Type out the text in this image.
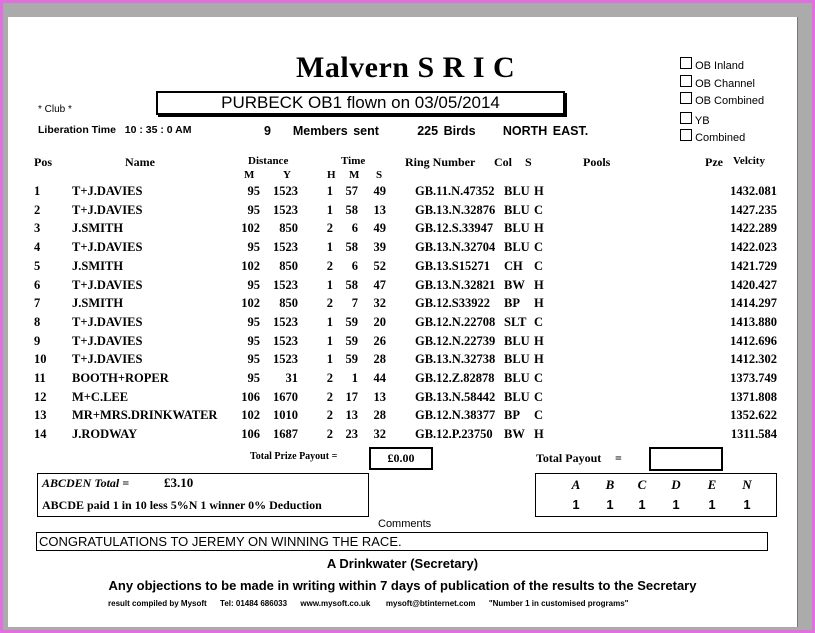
Malvern S R I C
* Club *	PURBECK OB1 flown on 03/05/2014
OB Inland
OB Channel
OB Combined
YB
Combined
Liberation Time 10 : 35 : 0 AM	9 Members sent	225 Birds NORTH EAST.
Pos	Name	Distance	Time	Ring Number Col S	Pools	Pze Velcity
M	Y	H M S
1	T+J.DAVIES	95	1523	1	57	49 GB.11.N.47352 BLU H	1432.081
2	T+J.DAVIES	95	1523	1	58	13 GB.13.N.32876 BLU C	1427.235
3	J.SMITH	102	850	2	6	49 GB.12.S.33947 BLU H	1422.289
4	T+J.DAVIES	95	1523	1	58	39 GB.13.N.32704 BLU C	1422.023
5	J.SMITH	102	850	2	6	52 GB.13.S15271 CH C	1421.729
6	T+J.DAVIES	95	1523	1	58	47 GB.13.N.32821 BW H	1420.427
7	J.SMITH	102	850	2	7	32 GB.12.S33922 BP H	1414.297
8	T+J.DAVIES	95	1523	1	59	20 GB.12.N.22708 SLT C	1413.880
9	T+J.DAVIES	95	1523	1	59	26 GB.12.N.22739 BLU H	1412.696
10 T+J.DAVIES	95	1523	1	59	28 GB.13.N.32738 BLU H	1412.302
11 BOOTH+ROPER	95	31	2	1	44 GB.12.Z.82878 BLU C	1373.749
12 M+C.LEE	106	1670	2	17	13 GB.13.N.58442 BLU C	1371.808
13 MR+MRS.DRINKWATER	102	1010	2	13	28 GB.12.N.38377 BP C	1352.622
14 J.RODWAY	106	1687	2	23	32 GB.12.P.23750 BW H	1311.584
Total Prize Payout =	£0.00	Total Payout =
ABCDEN Total =	£3.10
ABCDE paid 1 in 10 less 5%N 1 winner 0% Deduction
A
1
B
1
C
1
D
1
E
1
N
1
Comments
CONGRATULATIONS TO JEREMY ON WINNING THE RACE.
A Drinkwater (Secretary)
Any objections to be made in writing within 7 days of publication of the results to the Secretary
result compiled by Mysoft Tel: 01484 686033 www.mysoft.co.uk mysoft@btinternet.com "Number 1 in customised programs"
